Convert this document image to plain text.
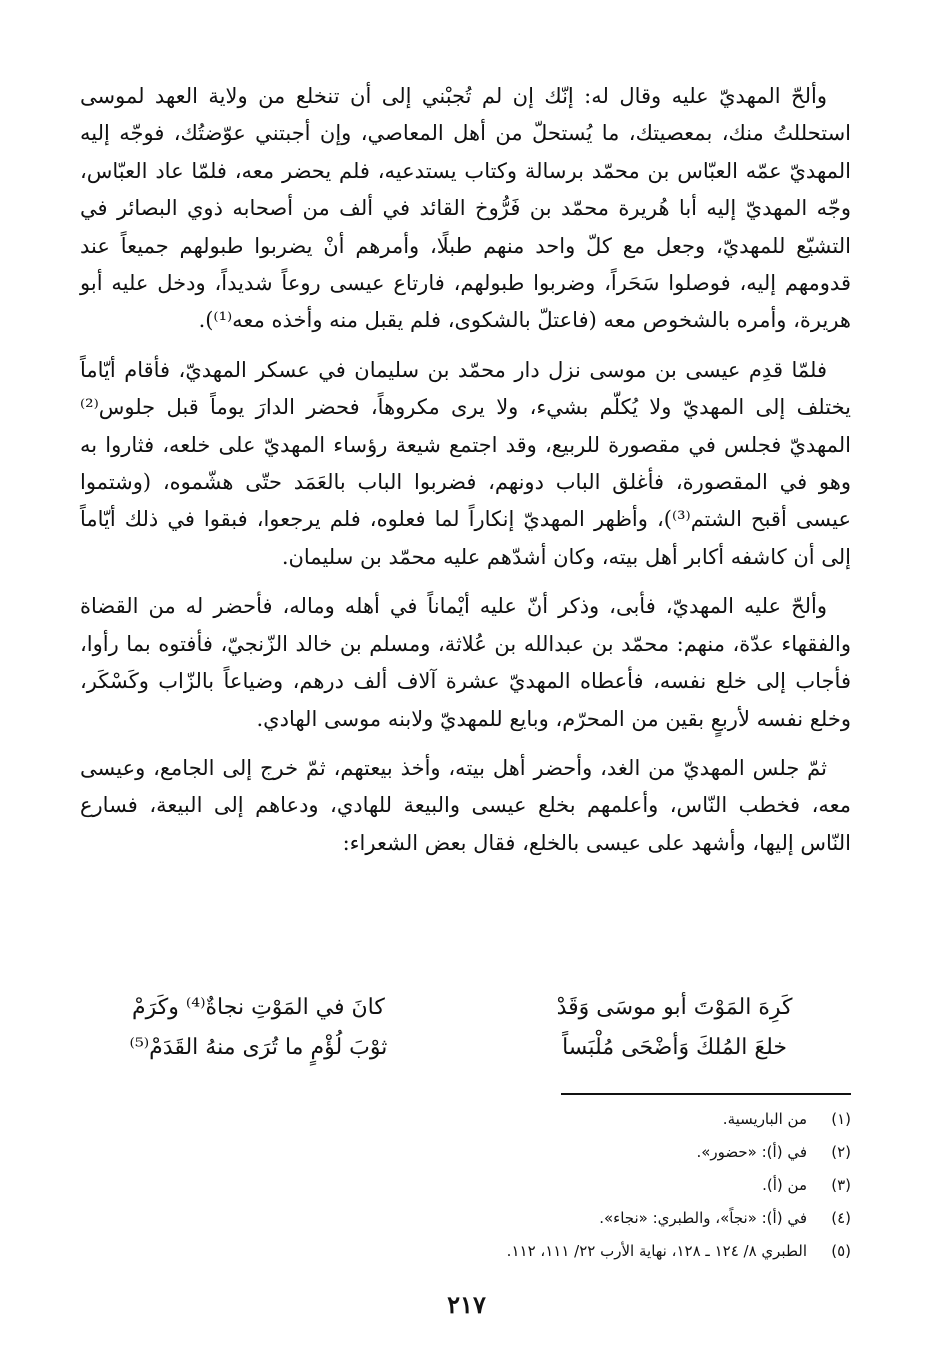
وألحّ المهديّ عليه وقال له: إنّك إن لم تُجبْني إلى أن تنخلع من ولاية العهد لموسى استحللتُ منك، بمعصيتك، ما يُستحلّ من أهل المعاصي، وإن أجبتني عوّضتُك، فوجّه إليه المهديّ عمّه العبّاس بن محمّد برسالة وكتاب يستدعيه، فلم يحضر معه، فلمّا عاد العبّاس، وجّه المهديّ إليه أبا هُريرة محمّد بن فَرُّوخ القائد في ألف من أصحابه ذوي البصائر في التشيّع للمهديّ، وجعل مع كلّ واحد منهم طبلًا، وأمرهم أنْ يضربوا طبولهم جميعاً عند قدومهم إليه، فوصلوا سَحَراً، وضربوا طبولهم، فارتاع عيسى روعاً شديداً، ودخل عليه أبو هريرة، وأمره بالشخوص معه (فاعتلّ بالشكوى، فلم يقبل منه وأخذه معه⁽¹⁾).

فلمّا قدِم عيسى بن موسى نزل دار محمّد بن سليمان في عسكر المهديّ، فأقام أيّاماً يختلف إلى المهديّ ولا يُكلّم بشيء، ولا يرى مكروهاً، فحضر الدارَ يوماً قبل جلوس⁽²⁾ المهديّ فجلس في مقصورة للربيع، وقد اجتمع شيعة رؤساء المهديّ على خلعه، فثاروا به وهو في المقصورة، فأغلق الباب دونهم، فضربوا الباب بالعَمَد حتّى هشّموه، (وشتموا عيسى أقبح الشتم⁽³⁾)، وأظهر المهديّ إنكاراً لما فعلوه، فلم يرجعوا، فبقوا في ذلك أيّاماً إلى أن كاشفه أكابر أهل بيته، وكان أشدّهم عليه محمّد بن سليمان.

وألحّ عليه المهديّ، فأبى، وذكر أنّ عليه أيْماناً في أهله وماله، فأحضر له من القضاة والفقهاء عدّة، منهم: محمّد بن عبدالله بن عُلاثة، ومسلم بن خالد الزّنجيّ، فأفتوه بما رأوا، فأجاب إلى خلع نفسه، فأعطاه المهديّ عشرة آلاف ألف درهم، وضياعاً بالزّاب وكَسْكَر، وخلع نفسه لأربعٍ بقين من المحرّم، وبايع للمهديّ ولابنه موسى الهادي.

ثمّ جلس المهديّ من الغد، وأحضر أهل بيته، وأخذ بيعتهم، ثمّ خرج إلى الجامع، وعيسى معه، فخطب النّاس، وأعلمهم بخلع عيسى والبيعة للهادي، ودعاهم إلى البيعة، فسارع النّاس إليها، وأشهد على عيسى بالخلع، فقال بعض الشعراء:

كَرِهَ المَوْتَ أبو موسَى وَقَدْ
كانَ في المَوْتِ نجاةٌ⁽⁴⁾ وكَرَمْ
خلعَ المُلكَ وَأضْحَى مُلْبَساً
ثوْبَ لُؤْمٍ ما تُرَى منهُ القَدَمْ⁽⁵⁾
(١)
من الباريسية.
(٢)
في (أ): «حضور».
(٣)
من (أ).
(٤)
في (أ): «نجاً»، والطبري: «نجاء».
(٥)
الطبري ٨/ ١٢٤ ـ ١٢٨، نهاية الأرب ٢٢/ ١١١، ١١٢.
٢١٧
